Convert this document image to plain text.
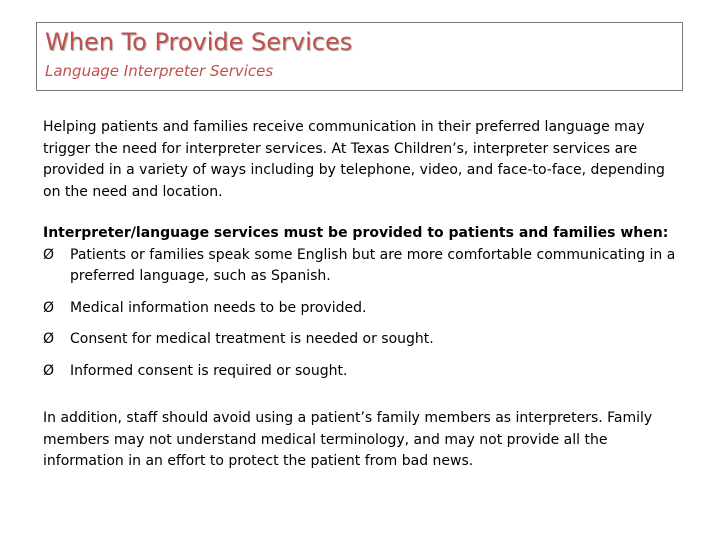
When To Provide Services

Language Interpreter Services

Helping patients and families receive communication in their preferred language may trigger the need for interpreter services. At Texas Children’s, interpreter services are provided in a variety of ways including by telephone, video, and face-to-face, depending on the need and location.

Interpreter/language services must be provided to patients and families when:

Ø	Patients or families speak some English but are more comfortable communicating in a preferred language, such as Spanish.
Ø	Medical information needs to be provided.
Ø	Consent for medical treatment is needed or sought.
Ø	Informed consent is required or sought.

In addition, staff should avoid using a patient’s family members as interpreters. Family members may not understand medical terminology, and may not provide all the information in an effort to protect the patient from bad news.
